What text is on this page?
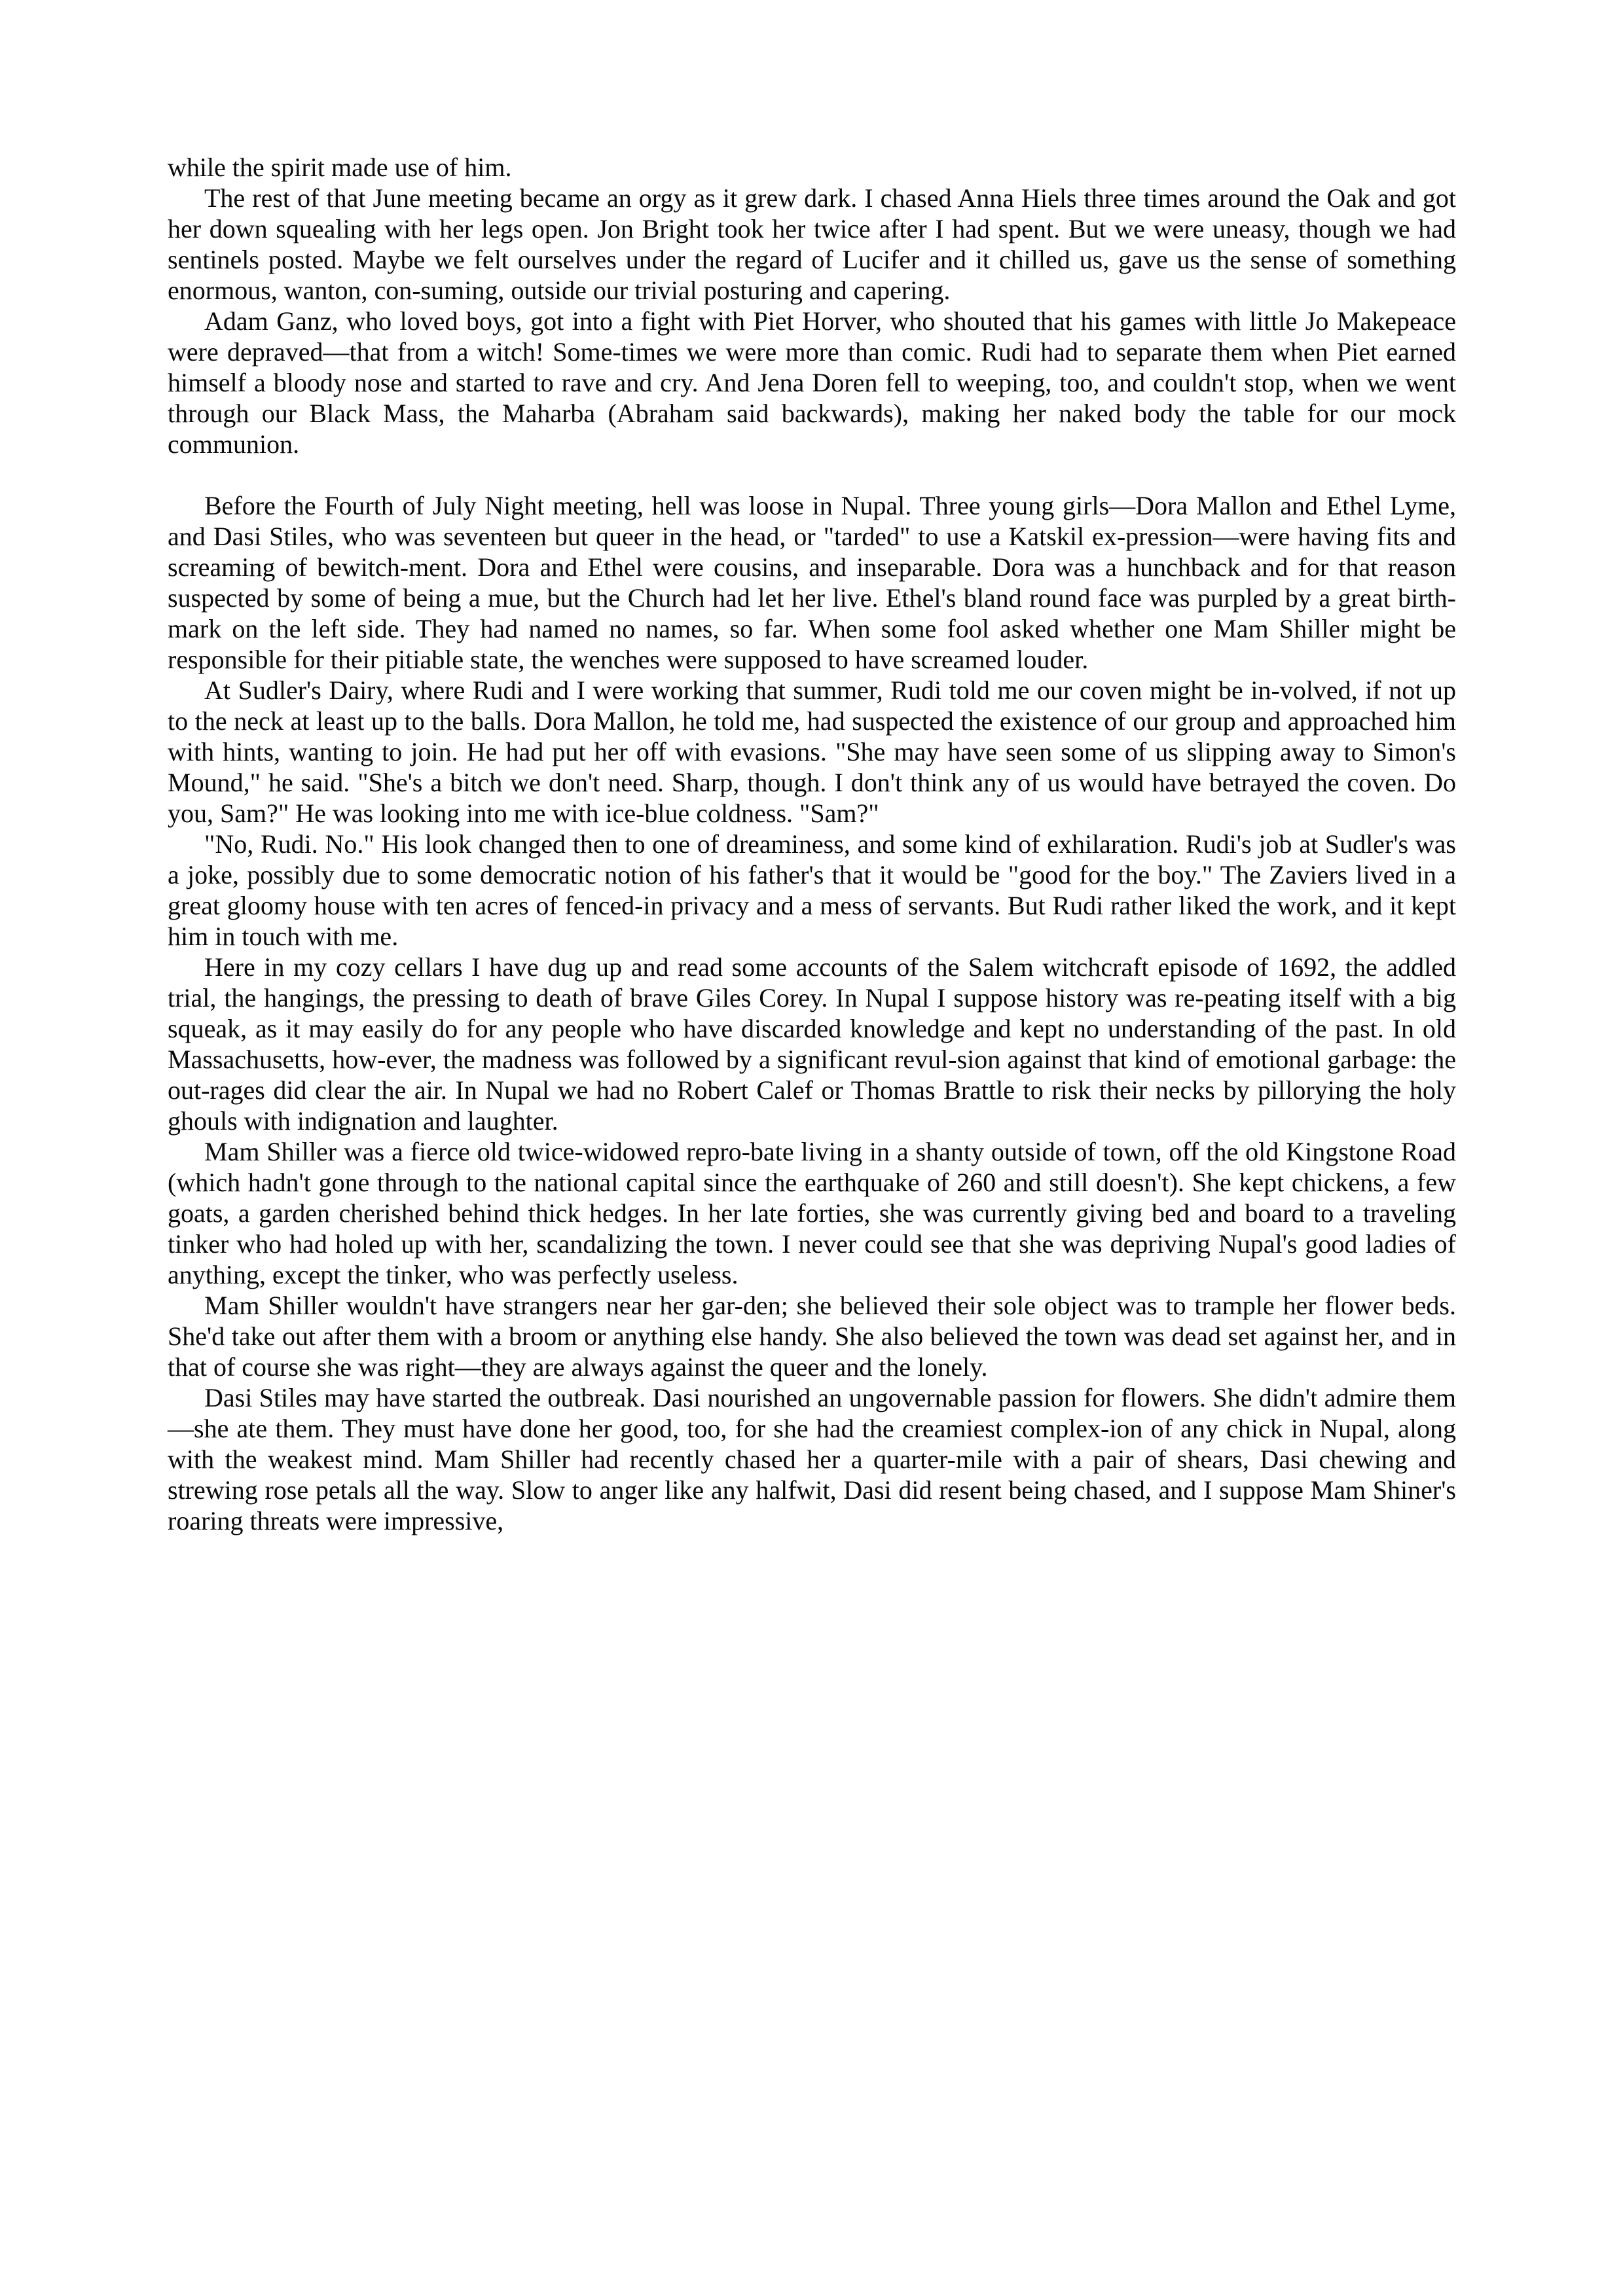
while the spirit made use of him.

The rest of that June meeting became an orgy as it grew dark. I chased Anna Hiels three times around the Oak and got her down squealing with her legs open. Jon Bright took her twice after I had spent. But we were uneasy, though we had sentinels posted. Maybe we felt ourselves under the regard of Lucifer and it chilled us, gave us the sense of something enormous, wanton, con-suming, outside our trivial posturing and capering.

Adam Ganz, who loved boys, got into a fight with Piet Horver, who shouted that his games with little Jo Makepeace were depraved—that from a witch! Some-times we were more than comic. Rudi had to separate them when Piet earned himself a bloody nose and started to rave and cry. And Jena Doren fell to weeping, too, and couldn't stop, when we went through our Black Mass, the Maharba (Abraham said backwards), making her naked body the table for our mock communion.

Before the Fourth of July Night meeting, hell was loose in Nupal. Three young girls—Dora Mallon and Ethel Lyme, and Dasi Stiles, who was seventeen but queer in the head, or "tarded" to use a Katskil ex-pression—were having fits and screaming of bewitch-ment. Dora and Ethel were cousins, and inseparable. Dora was a hunchback and for that reason suspected by some of being a mue, but the Church had let her live. Ethel's bland round face was purpled by a great birth-mark on the left side. They had named no names, so far. When some fool asked whether one Mam Shiller might be responsible for their pitiable state, the wenches were supposed to have screamed louder.

At Sudler's Dairy, where Rudi and I were working that summer, Rudi told me our coven might be in-volved, if not up to the neck at least up to the balls. Dora Mallon, he told me, had suspected the existence of our group and approached him with hints, wanting to join. He had put her off with evasions. "She may have seen some of us slipping away to Simon's Mound," he said. "She's a bitch we don't need. Sharp, though. I don't think any of us would have betrayed the coven. Do you, Sam?" He was looking into me with ice-blue coldness. "Sam?"

"No, Rudi. No." His look changed then to one of dreaminess, and some kind of exhilaration. Rudi's job at Sudler's was a joke, possibly due to some democratic notion of his father's that it would be "good for the boy." The Zaviers lived in a great gloomy house with ten acres of fenced-in privacy and a mess of servants. But Rudi rather liked the work, and it kept him in touch with me.

Here in my cozy cellars I have dug up and read some accounts of the Salem witchcraft episode of 1692, the addled trial, the hangings, the pressing to death of brave Giles Corey. In Nupal I suppose history was re-peating itself with a big squeak, as it may easily do for any people who have discarded knowledge and kept no understanding of the past. In old Massachusetts, how-ever, the madness was followed by a significant revul-sion against that kind of emotional garbage: the out-rages did clear the air. In Nupal we had no Robert Calef or Thomas Brattle to risk their necks by pillorying the holy ghouls with indignation and laughter.

Mam Shiller was a fierce old twice-widowed repro-bate living in a shanty outside of town, off the old Kingstone Road (which hadn't gone through to the national capital since the earthquake of 260 and still doesn't). She kept chickens, a few goats, a garden cherished behind thick hedges. In her late forties, she was currently giving bed and board to a traveling tinker who had holed up with her, scandalizing the town. I never could see that she was depriving Nupal's good ladies of anything, except the tinker, who was perfectly useless.

Mam Shiller wouldn't have strangers near her gar-den; she believed their sole object was to trample her flower beds. She'd take out after them with a broom or anything else handy. She also believed the town was dead set against her, and in that of course she was right—they are always against the queer and the lonely.

Dasi Stiles may have started the outbreak. Dasi nourished an ungovernable passion for flowers. She didn't admire them—she ate them. They must have done her good, too, for she had the creamiest complex-ion of any chick in Nupal, along with the weakest mind. Mam Shiller had recently chased her a quarter-mile with a pair of shears, Dasi chewing and strewing rose petals all the way. Slow to anger like any halfwit, Dasi did resent being chased, and I suppose Mam Shiner's roaring threats were impressive,
